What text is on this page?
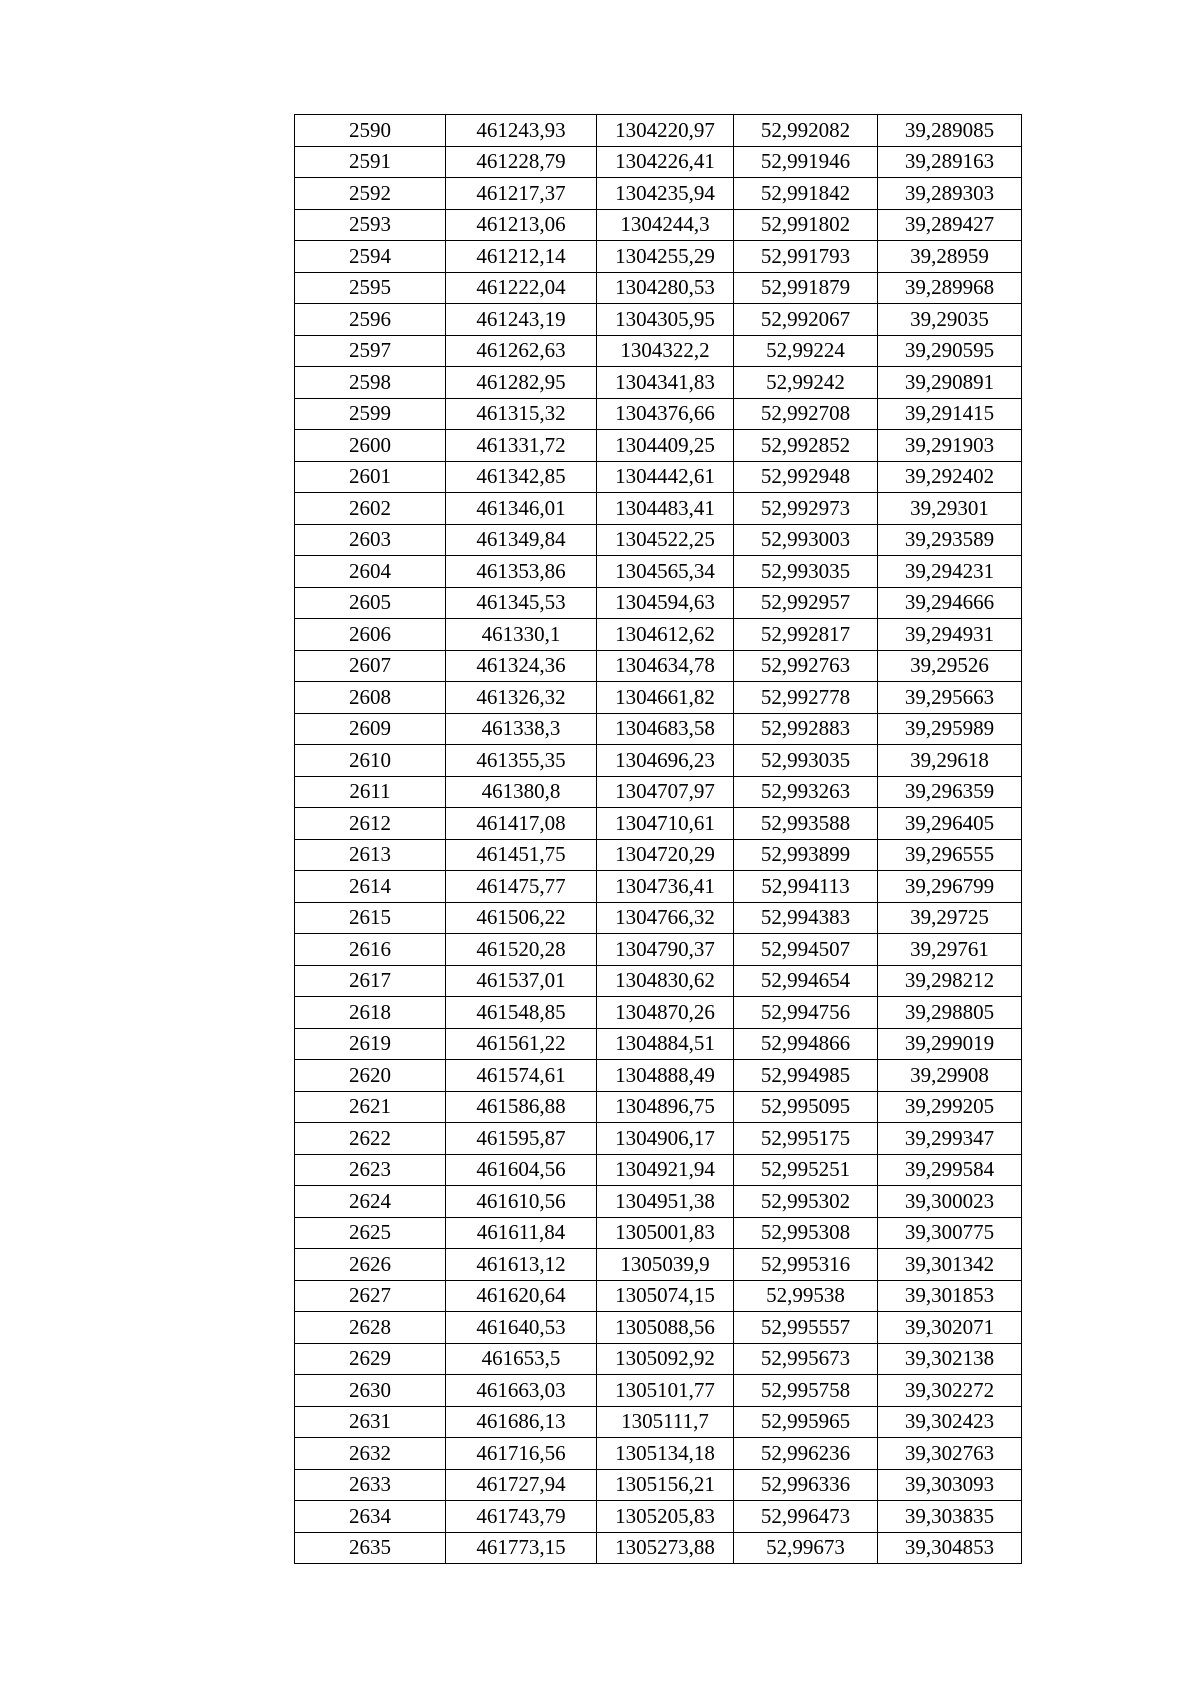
2590	461243,93	1304220,97	52,992082	39,289085
2591	461228,79	1304226,41	52,991946	39,289163
2592	461217,37	1304235,94	52,991842	39,289303
2593	461213,06	1304244,3	52,991802	39,289427
2594	461212,14	1304255,29	52,991793	39,28959
2595	461222,04	1304280,53	52,991879	39,289968
2596	461243,19	1304305,95	52,992067	39,29035
2597	461262,63	1304322,2	52,99224	39,290595
2598	461282,95	1304341,83	52,99242	39,290891
2599	461315,32	1304376,66	52,992708	39,291415
2600	461331,72	1304409,25	52,992852	39,291903
2601	461342,85	1304442,61	52,992948	39,292402
2602	461346,01	1304483,41	52,992973	39,29301
2603	461349,84	1304522,25	52,993003	39,293589
2604	461353,86	1304565,34	52,993035	39,294231
2605	461345,53	1304594,63	52,992957	39,294666
2606	461330,1	1304612,62	52,992817	39,294931
2607	461324,36	1304634,78	52,992763	39,29526
2608	461326,32	1304661,82	52,992778	39,295663
2609	461338,3	1304683,58	52,992883	39,295989
2610	461355,35	1304696,23	52,993035	39,29618
2611	461380,8	1304707,97	52,993263	39,296359
2612	461417,08	1304710,61	52,993588	39,296405
2613	461451,75	1304720,29	52,993899	39,296555
2614	461475,77	1304736,41	52,994113	39,296799
2615	461506,22	1304766,32	52,994383	39,29725
2616	461520,28	1304790,37	52,994507	39,29761
2617	461537,01	1304830,62	52,994654	39,298212
2618	461548,85	1304870,26	52,994756	39,298805
2619	461561,22	1304884,51	52,994866	39,299019
2620	461574,61	1304888,49	52,994985	39,29908
2621	461586,88	1304896,75	52,995095	39,299205
2622	461595,87	1304906,17	52,995175	39,299347
2623	461604,56	1304921,94	52,995251	39,299584
2624	461610,56	1304951,38	52,995302	39,300023
2625	461611,84	1305001,83	52,995308	39,300775
2626	461613,12	1305039,9	52,995316	39,301342
2627	461620,64	1305074,15	52,99538	39,301853
2628	461640,53	1305088,56	52,995557	39,302071
2629	461653,5	1305092,92	52,995673	39,302138
2630	461663,03	1305101,77	52,995758	39,302272
2631	461686,13	1305111,7	52,995965	39,302423
2632	461716,56	1305134,18	52,996236	39,302763
2633	461727,94	1305156,21	52,996336	39,303093
2634	461743,79	1305205,83	52,996473	39,303835
2635	461773,15	1305273,88	52,99673	39,304853
